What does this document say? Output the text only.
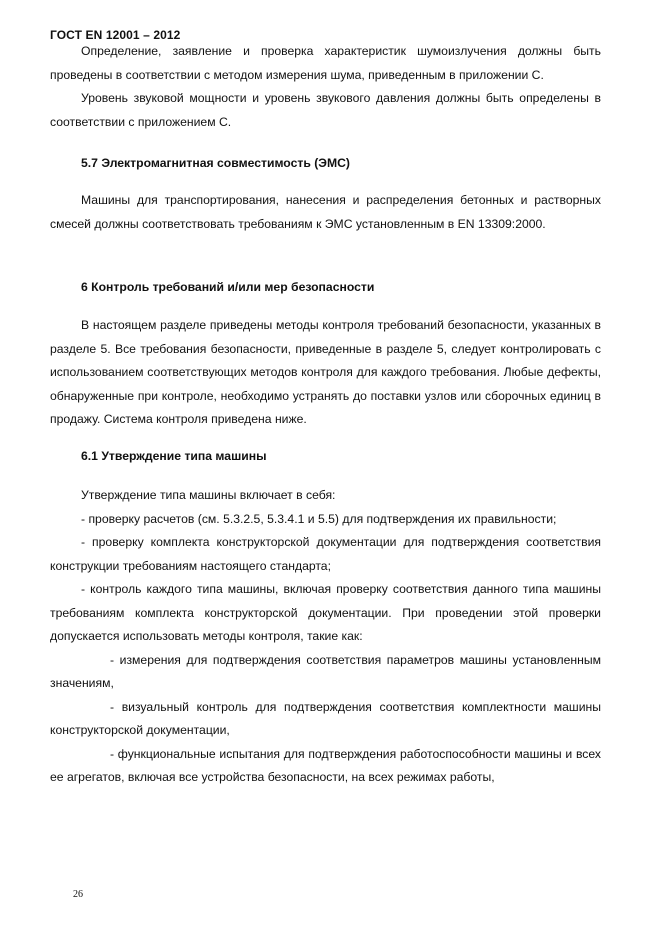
ГОСТ EN 12001 – 2012

Определение, заявление и проверка характеристик шумоизлучения должны быть проведены в соответствии с методом измерения шума, приведенным в приложении С.

Уровень звуковой мощности и уровень звукового давления должны быть определены в соответствии с приложением С.

5.7 Электромагнитная совместимость (ЭМС)

Машины для транспортирования, нанесения и распределения бетонных и растворных смесей должны соответствовать требованиям к ЭМС установленным в EN 13309:2000.

6 Контроль требований и/или мер безопасности

В настоящем разделе приведены методы контроля требований безопасности, указанных в разделе 5. Все требования безопасности, приведенные в разделе 5, следует контролировать с использованием соответствующих методов контроля для каждого требования. Любые дефекты, обнаруженные при контроле, необходимо устранять до поставки узлов или сборочных единиц в продажу. Система контроля приведена ниже.

6.1 Утверждение типа машины

Утверждение типа машины включает в себя:

- проверку расчетов (см. 5.3.2.5, 5.3.4.1 и 5.5) для подтверждения их правильности;

- проверку комплекта конструкторской документации для подтверждения соответствия конструкции требованиям настоящего стандарта;

- контроль каждого типа машины, включая проверку соответствия данного типа машины требованиям комплекта конструкторской документации. При проведении этой проверки допускается использовать методы контроля, такие как:

- измерения для подтверждения соответствия параметров машины установленным значениям,

- визуальный контроль для подтверждения соответствия комплектности машины конструкторской документации,

- функциональные испытания для подтверждения работоспособности машины и всех ее агрегатов, включая все устройства безопасности, на всех режимах работы,

26
